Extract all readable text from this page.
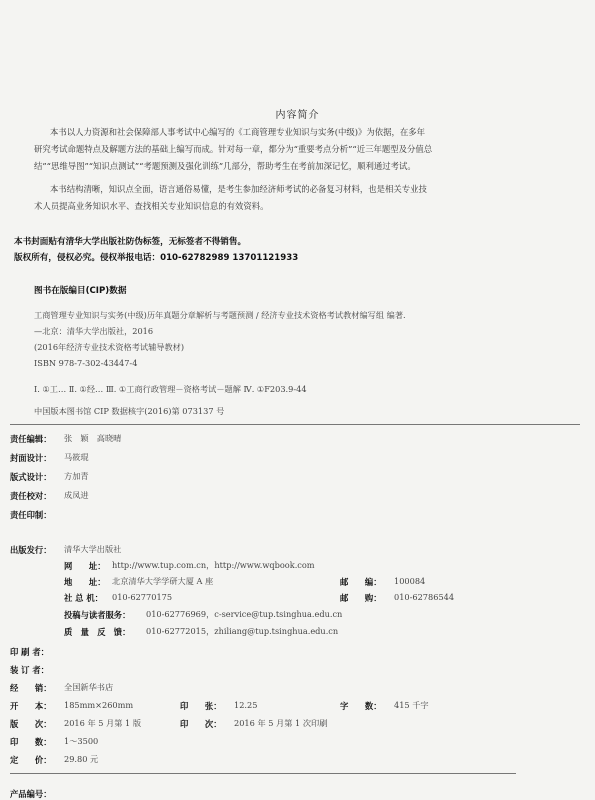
内容简介
本书以人力资源和社会保障部人事考试中心编写的《工商管理专业知识与实务(中级)》为依据，在多年
研究考试命题特点及解题方法的基础上编写而成。针对每一章，都分为“重要考点分析”“近三年题型及分值总
结”“思维导图”“知识点测试”“考题预测及强化训练”几部分，帮助考生在考前加深记忆，顺利通过考试。
本书结构清晰，知识点全面，语言通俗易懂，是考生参加经济师考试的必备复习材料，也是相关专业技
术人员提高业务知识水平、查找相关专业知识信息的有效资料。
本书封面贴有清华大学出版社防伪标签，无标签者不得销售。
版权所有，侵权必究。侵权举报电话：010-62782989 13701121933
图书在版编目(CIP)数据
工商管理专业知识与实务(中级)历年真题分章解析与考题预测 / 经济专业技术资格考试教材编写组 编著.
—北京：清华大学出版社，2016
(2016年经济专业技术资格考试辅导教材)
ISBN 978-7-302-43447-4
Ⅰ. ①工… Ⅱ. ①经… Ⅲ. ①工商行政管理－资格考试－题解 Ⅳ. ①F203.9-44
中国版本图书馆 CIP 数据核字(2016)第 073137 号
责任编辑： 张　颖　高晓晴
封面设计： 马筱琨
版式设计： 方加青
责任校对： 成凤进
责任印制：
出版发行： 清华大学出版社
网　　址： http://www.tup.com.cn，http://www.wqbook.com
地　　址： 北京清华大学学研大厦 A 座	邮　　编： 100084
社 总 机： 010-62770175	邮　　购： 010-62786544
投稿与读者服务： 010-62776969，c-service@tup.tsinghua.edu.cn
质　量　反　馈： 010-62772015，zhiliang@tup.tsinghua.edu.cn
印 刷 者：
装 订 者：
经　　销： 全国新华书店
开　　本： 185mm×260mm	印　　张： 12.25	字　　数： 415 千字
版　　次： 2016 年 5 月第 1 版	印　　次： 2016 年 5 月第 1 次印刷
印　　数： 1～3500
定　　价： 29.80 元
产品编号：
